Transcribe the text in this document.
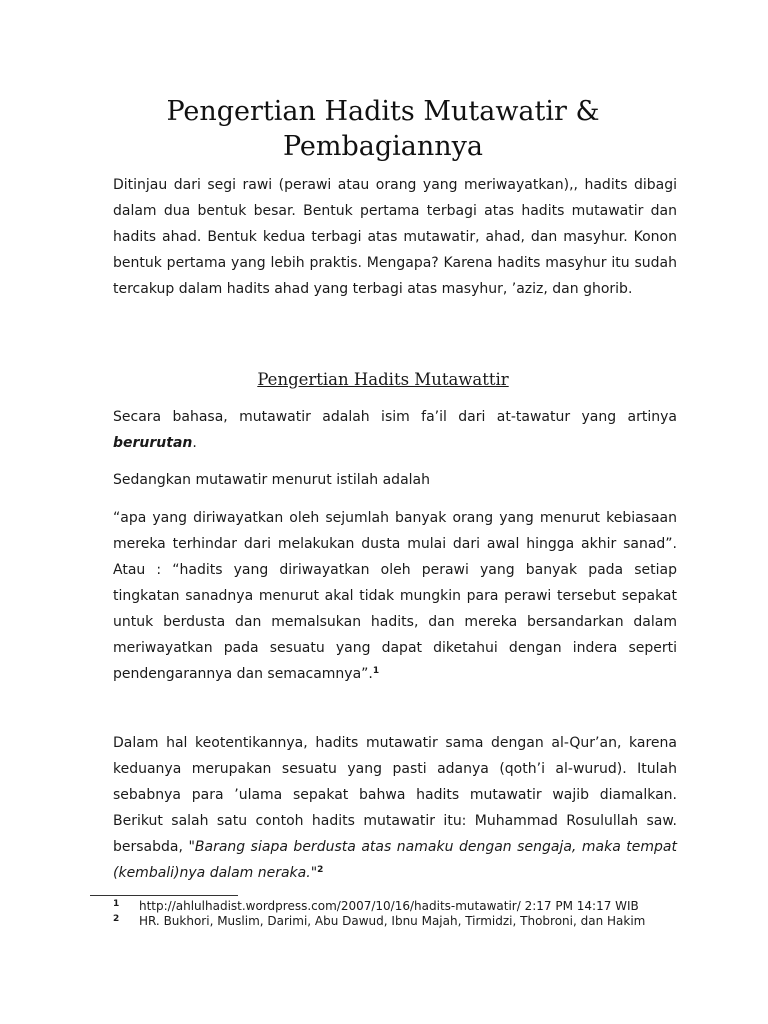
Pengertian Hadits Mutawatir &
Pembagiannya

Ditinjau dari segi rawi (perawi atau orang yang meriwayatkan),, hadits dibagi dalam dua bentuk besar. Bentuk pertama terbagi atas hadits mutawatir dan hadits ahad. Bentuk kedua terbagi atas mutawatir, ahad, dan masyhur. Konon bentuk pertama yang lebih praktis. Mengapa? Karena hadits masyhur itu sudah tercakup dalam hadits ahad yang terbagi atas masyhur, ’aziz, dan ghorib.

Pengertian Hadits Mutawattir

Secara bahasa, mutawatir adalah isim fa’il dari at-tawatur yang artinya berurutan.

Sedangkan mutawatir menurut istilah adalah

“apa yang diriwayatkan oleh sejumlah banyak orang yang menurut kebiasaan mereka terhindar dari melakukan dusta mulai dari awal hingga akhir sanad”. Atau : “hadits yang diriwayatkan oleh perawi yang banyak pada setiap tingkatan sanadnya menurut akal tidak mungkin para perawi tersebut sepakat untuk berdusta dan memalsukan hadits, dan mereka bersandarkan dalam meriwayatkan pada sesuatu yang dapat diketahui dengan indera seperti pendengarannya dan semacamnya”.$^1$

Dalam hal keotentikannya, hadits mutawatir sama dengan al-Qur’an, karena keduanya merupakan sesuatu yang pasti adanya (qoth’i al-wurud). Itulah sebabnya para ’ulama sepakat bahwa hadits mutawatir wajib diamalkan. Berikut salah satu contoh hadits mutawatir itu: Muhammad Rosulullah saw. bersabda, "Barang siapa berdusta atas namaku dengan sengaja, maka tempat (kembali)nya dalam neraka."$^2$

1	http://ahlulhadist.wordpress.com/2007/10/16/hadits-mutawatir/ 2:17 PM 14:17 WIB
2	HR. Bukhori, Muslim, Darimi, Abu Dawud, Ibnu Majah, Tirmidzi, Thobroni, dan Hakim
